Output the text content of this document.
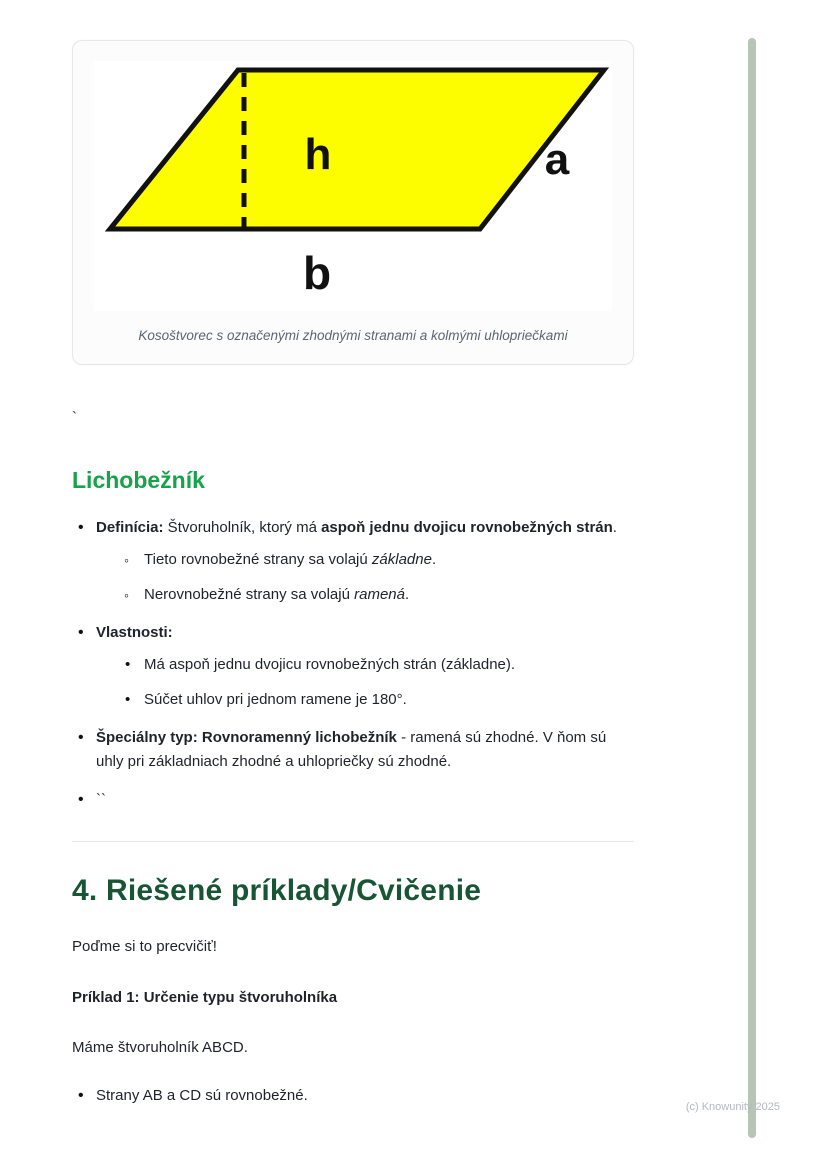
h	a
b
Kosoštvorec s označenými zhodnými stranami a kolmými uhlopriečkami
`
Lichobežník
•

Definícia: Štvoruholník, ktorý má aspoň jednu dvojicu rovnobežných strán.

◦ Tieto rovnobežné strany sa volajú základne.
◦ Nerovnobežné strany sa volajú ramená.
•

Vlastnosti:

• Má aspoň jednu dvojicu rovnobežných strán (základne).
• Súčet uhlov pri jednom ramene je 180°.
•

Špeciálny typ: Rovnoramenný lichobežník - ramená sú zhodné. V ňom sú uhly pri základniach zhodné a uhlopriečky sú zhodné.

• ``
4. Riešené príklady/Cvičenie

Poďme si to precvičiť!

Príklad 1: Určenie typu štvoruholníka

Máme štvoruholník ABCD.

• Strany AB a CD sú rovnobežné.
(c) Knowunity 2025
